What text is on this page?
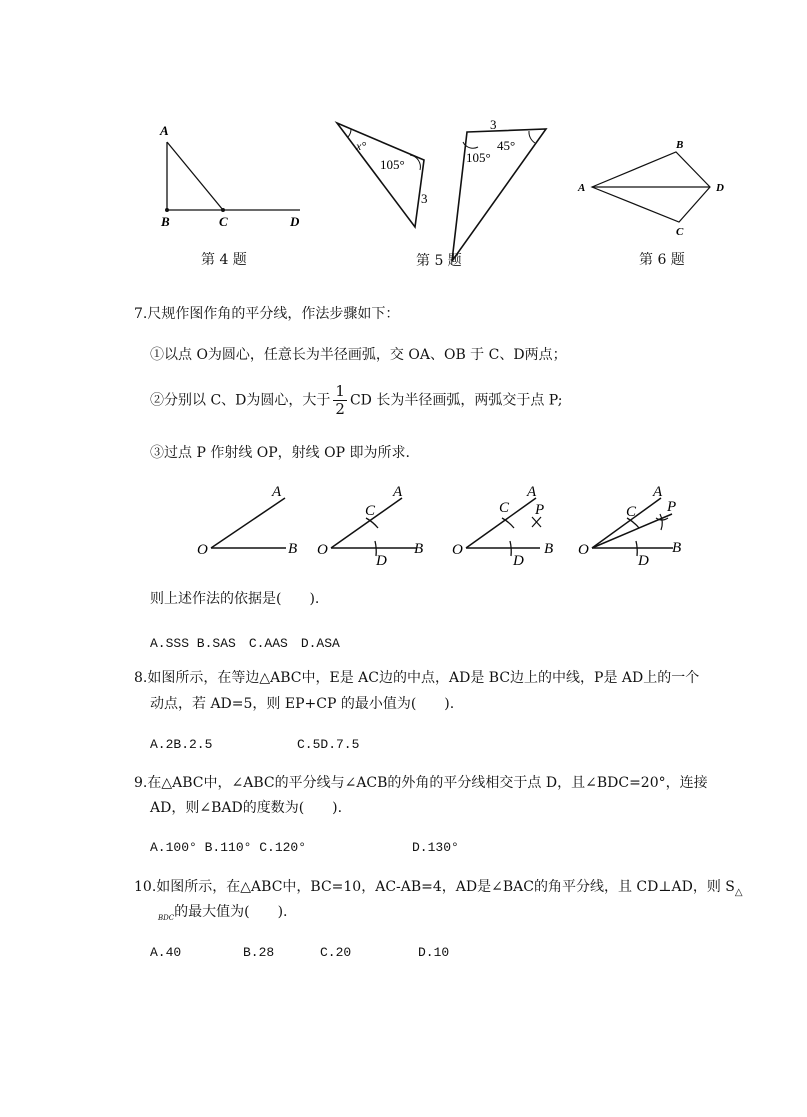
A
B	C	D
第 4 题
x°
105°
3
3
45°
105°
第 5 题
A
B
C
D
第 6 题
7.尺规作图作角的平分线，作法步骤如下：
①以点 O为圆心，任意长为半径画弧，交 OA、OB 于 C、D两点；
②分别以 C、D为圆心，大于 $\frac{1}{2}$ CD 长为半径画弧，两弧交于点 P;
③过点 P 作射线 OP，射线 OP 即为所求.
O
A
B O
A
B
C
D
O
A
B
C
D
P
O
A
B
C
D
P
则上述作法的依据是(　　).
A.SSS B.SAS　C.AAS　D.ASA
8.如图所示，在等边△ABC中，E是 AC边的中点，AD是 BC边上的中线，P是 AD上的一个
动点，若 AD=5，则 EP+CP 的最小值为(　　).
A.2B.2.5	C.5D.7.5
9.在△ABC中，∠ABC的平分线与∠ACB的外角的平分线相交于点 D，且∠BDC=20°，连接
AD，则∠BAD的度数为(　　).
A.100° B.110° C.120°	D.130°
10.如图所示，在△ABC中，BC=10，AC-AB=4，AD是∠BAC的角平分线，且 CD⊥AD，则 $S_\triangle$
$_{BDC}$的最大值为(　　).
A.40	B.28	C.20	D.10
